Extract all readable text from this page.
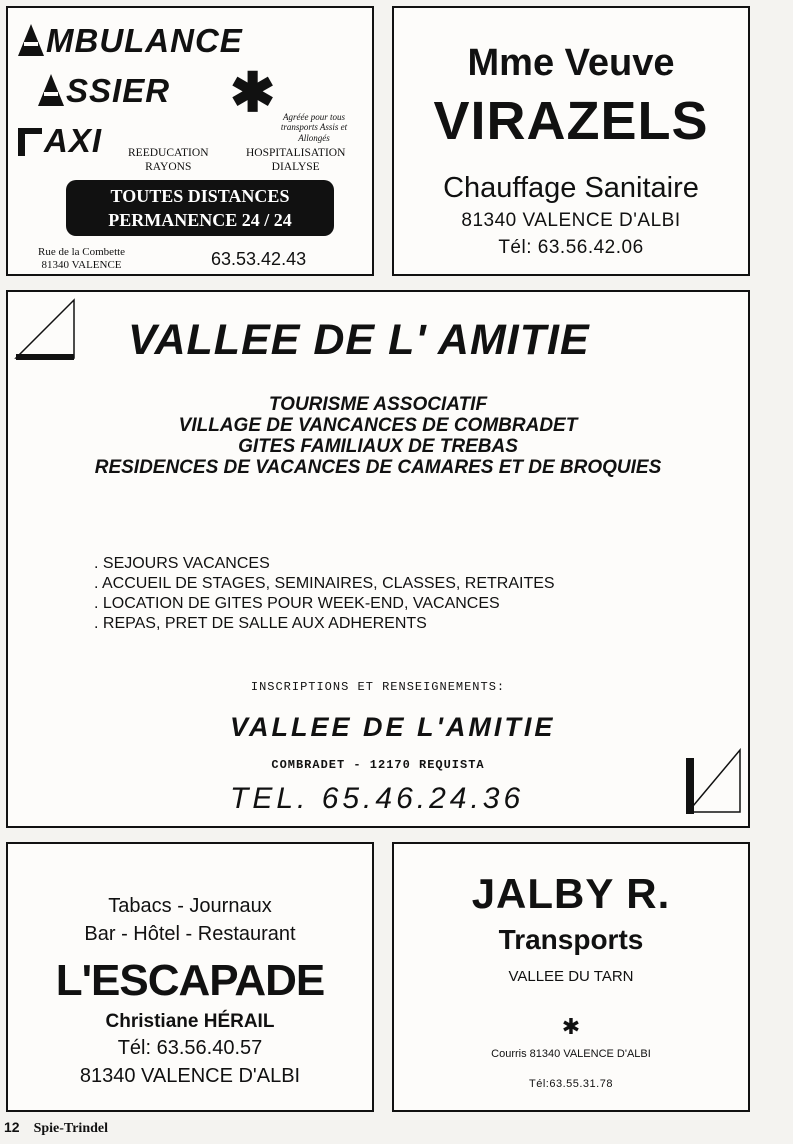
MBULANCE
SSIER ✱
AXI
Agréée pour tous transports Assis et Allongés
REEDUCATION
RAYONS
HOSPITALISATION
DIALYSE
TOUTES DISTANCES
PERMANENCE 24 / 24
Rue de la Combette
81340 VALENCE	63.53.42.43
Mme Veuve
VIRAZELS
Chauffage Sanitaire
81340 VALENCE D'ALBI
Tél: 63.56.42.06
VALLEE DE L' AMITIE
TOURISME ASSOCIATIF
VILLAGE DE VANCANCES DE COMBRADET
GITES FAMILIAUX DE TREBAS
RESIDENCES DE VACANCES DE CAMARES ET DE BROQUIES
. SEJOURS VACANCES
. ACCUEIL DE STAGES, SEMINAIRES, CLASSES, RETRAITES
. LOCATION DE GITES POUR WEEK-END, VACANCES
. REPAS, PRET DE SALLE AUX ADHERENTS
INSCRIPTIONS ET RENSEIGNEMENTS:
VALLEE DE L'AMITIE
COMBRADET - 12170 REQUISTA
TEL. 65.46.24.36
Tabacs - Journaux
Bar - Hôtel - Restaurant
L'ESCAPADE
Christiane HÉRAIL
Tél: 63.56.40.57
81340 VALENCE D'ALBI
JALBY R.
Transports
VALLEE DU TARN
✱
Courris 81340 VALENCE D'ALBI
Tél:63.55.31.78
12 Spie-Trindel
